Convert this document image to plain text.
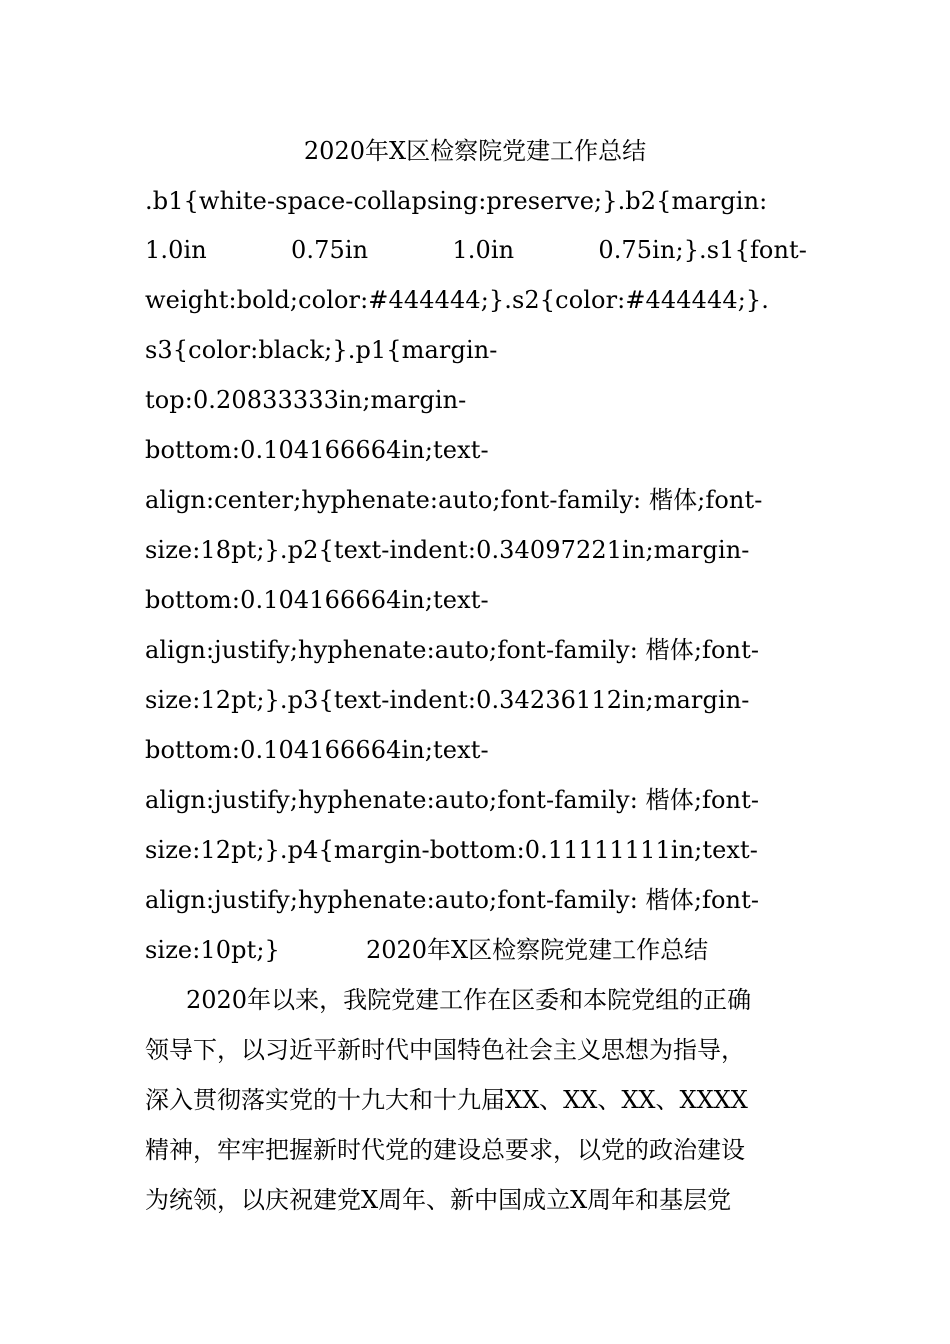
2020年X区检察院党建工作总结
.b1{white-space-collapsing:preserve;}.b2{margin:
1.0in 0.75in 1.0in 0.75in;}.s1{font-
weight:bold;color:#444444;}.s2{color:#444444;}.
s3{color:black;}.p1{margin-
top:0.20833333in;margin-
bottom:0.104166664in;text-
align:center;hyphenate:auto;font-family: 楷体;font-
size:18pt;}.p2{text-indent:0.34097221in;margin-
bottom:0.104166664in;text-
align:justify;hyphenate:auto;font-family: 楷体;font-
size:12pt;}.p3{text-indent:0.34236112in;margin-
bottom:0.104166664in;text-
align:justify;hyphenate:auto;font-family: 楷体;font-
size:12pt;}.p4{margin-bottom:0.11111111in;text-
align:justify;hyphenate:auto;font-family: 楷体;font-
size:10pt;}	2020年X区检察院党建工作总结
2020年以来，我院党建工作在区委和本院党组的正确
领导下，以习近平新时代中国特色社会主义思想为指导，
深入贯彻落实党的十九大和十九届XX、XX、XX、XXXX
精神，牢牢把握新时代党的建设总要求，以党的政治建设
为统领，以庆祝建党X周年、新中国成立X周年和基层党
